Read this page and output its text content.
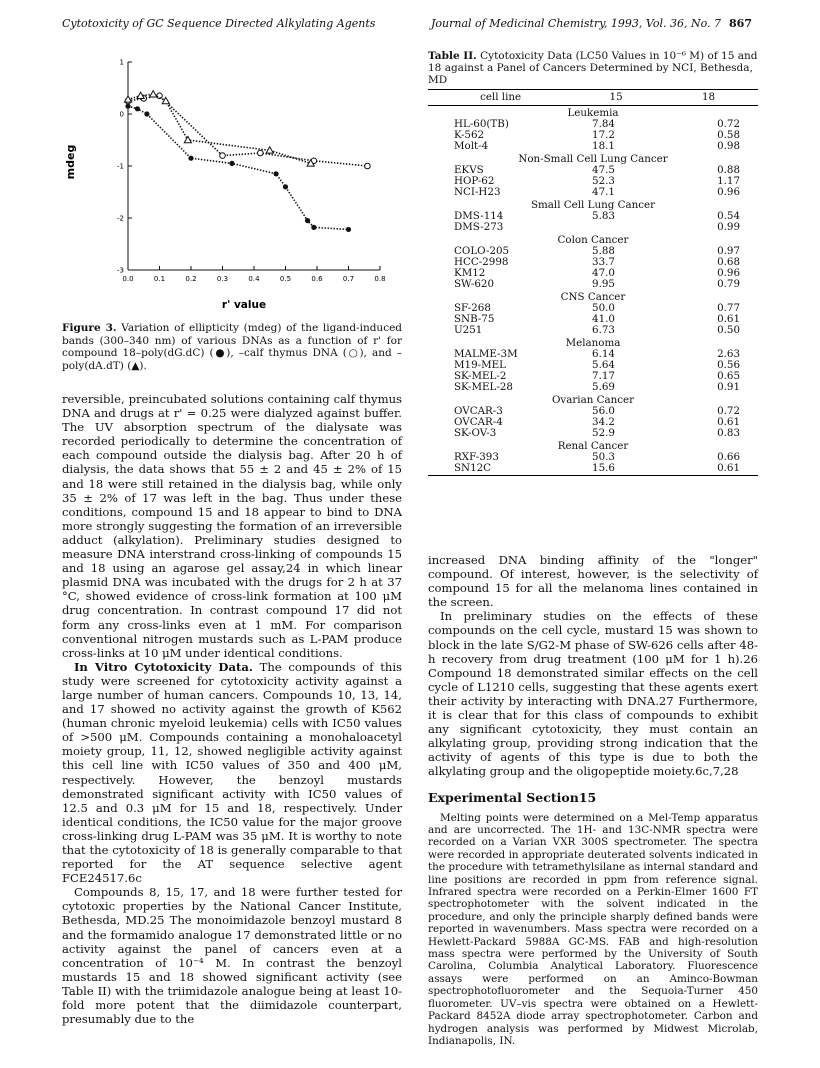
Cytotoxicity of GC Sequence Directed Alkylating Agents	Journal of Medicinal Chemistry, 1993, Vol. 36, No. 7 867
0.0	0.1	0.2	0.3	0.4	0.5	0.6	0.7	0.8
1
0
-1
-2
-3
mdeg
r' value
Figure 3. Variation of ellipticity (mdeg) of the ligand-induced bands (300–340 nm) of various DNAs as a function of r' for compound 18–poly(dG.dC) (●), –calf thymus DNA (○), and –poly(dA.dT) (▲).

reversible, preincubated solutions containing calf thymus DNA and drugs at r' = 0.25 were dialyzed against buffer. The UV absorption spectrum of the dialysate was recorded periodically to determine the concentration of each compound outside the dialysis bag. After 20 h of dialysis, the data shows that 55 ± 2 and 45 ± 2% of 15 and 18 were still retained in the dialysis bag, while only 35 ± 2% of 17 was left in the bag. Thus under these conditions, compound 15 and 18 appear to bind to DNA more strongly suggesting the formation of an irreversible adduct (alkylation). Preliminary studies designed to measure DNA interstrand cross-linking of compounds 15 and 18 using an agarose gel assay,24 in which linear plasmid DNA was incubated with the drugs for 2 h at 37 °C, showed evidence of cross-link formation at 100 μM drug concentration. In contrast compound 17 did not form any cross-links even at 1 mM. For comparison conventional nitrogen mustards such as L-PAM produce cross-links at 10 μM under identical conditions.

In Vitro Cytotoxicity Data. The compounds of this study were screened for cytotoxicity activity against a large number of human cancers. Compounds 10, 13, 14, and 17 showed no activity against the growth of K562 (human chronic myeloid leukemia) cells with IC50 values of >500 μM. Compounds containing a monohaloacetyl moiety group, 11, 12, showed negligible activity against this cell line with IC50 values of 350 and 400 μM, respectively. However, the benzoyl mustards demonstrated significant activity with IC50 values of 12.5 and 0.3 μM for 15 and 18, respectively. Under identical conditions, the IC50 value for the major groove cross-linking drug L-PAM was 35 μM. It is worthy to note that the cytotoxicity of 18 is generally comparable to that reported for the AT sequence selective agent FCE24517.6c

Compounds 8, 15, 17, and 18 were further tested for cytotoxic properties by the National Cancer Institute, Bethesda, MD.25 The monoimidazole benzoyl mustard 8 and the formamido analogue 17 demonstrated little or no activity against the panel of cancers even at a concentration of 10⁻⁴ M. In contrast the benzoyl mustards 15 and 18 showed significant activity (see Table II) with the triimidazole analogue being at least 10-fold more potent that the diimidazole counterpart, presumably due to the

Table II. Cytotoxicity Data (LC50 Values in 10⁻⁶ M) of 15 and 18 against a Panel of Cancers Determined by NCI, Bethesda, MD
cell line	15	18
Leukemia		
HL-60(TB)	7.84	0.72
K-562	17.2	0.58
Molt-4	18.1	0.98
Non-Small Cell Lung Cancer		
EKVS	47.5	0.88
HOP-62	52.3	1.17
NCI-H23	47.1	0.96
Small Cell Lung Cancer		
DMS-114	5.83	0.54
DMS-273		0.99
Colon Cancer		
COLO-205	5.88	0.97
HCC-2998	33.7	0.68
KM12	47.0	0.96
SW-620	9.95	0.79
CNS Cancer		
SF-268	50.0	0.77
SNB-75	41.0	0.61
U251	6.73	0.50
Melanoma		
MALME-3M	6.14	2.63
M19-MEL	5.64	0.56
SK-MEL-2	7.17	0.65
SK-MEL-28	5.69	0.91
Ovarian Cancer		
OVCAR-3	56.0	0.72
OVCAR-4	34.2	0.61
SK-OV-3	52.9	0.83
Renal Cancer		
RXF-393	50.3	0.66
SN12C	15.6	0.61

increased DNA binding affinity of the "longer" compound. Of interest, however, is the selectivity of compound 15 for all the melanoma lines contained in the screen.

In preliminary studies on the effects of these compounds on the cell cycle, mustard 15 was shown to block in the late S/G2-M phase of SW-626 cells after 48-h recovery from drug treatment (100 μM for 1 h).26 Compound 18 demonstrated similar effects on the cell cycle of L1210 cells, suggesting that these agents exert their activity by interacting with DNA.27 Furthermore, it is clear that for this class of compounds to exhibit any significant cytotoxicity, they must contain an alkylating group, providing strong indication that the activity of agents of this type is due to both the alkylating group and the oligopeptide moiety.6c,7,28

Experimental Section15

Melting points were determined on a Mel-Temp apparatus and are uncorrected. The 1H- and 13C-NMR spectra were recorded on a Varian VXR 300S spectrometer. The spectra were recorded in appropriate deuterated solvents indicated in the procedure with tetramethylsilane as internal standard and line positions are recorded in ppm from reference signal. Infrared spectra were recorded on a Perkin-Elmer 1600 FT spectrophotometer with the solvent indicated in the procedure, and only the principle sharply defined bands were reported in wavenumbers. Mass spectra were recorded on a Hewlett-Packard 5988A GC-MS. FAB and high-resolution mass spectra were performed by the University of South Carolina, Columbia Analytical Laboratory. Fluorescence assays were performed on an Aminco-Bowman spectrophotofluorometer and the Sequoia-Turner 450 fluorometer. UV–vis spectra were obtained on a Hewlett-Packard 8452A diode array spectrophotometer. Carbon and hydrogen analysis was performed by Midwest Microlab, Indianapolis, IN.
